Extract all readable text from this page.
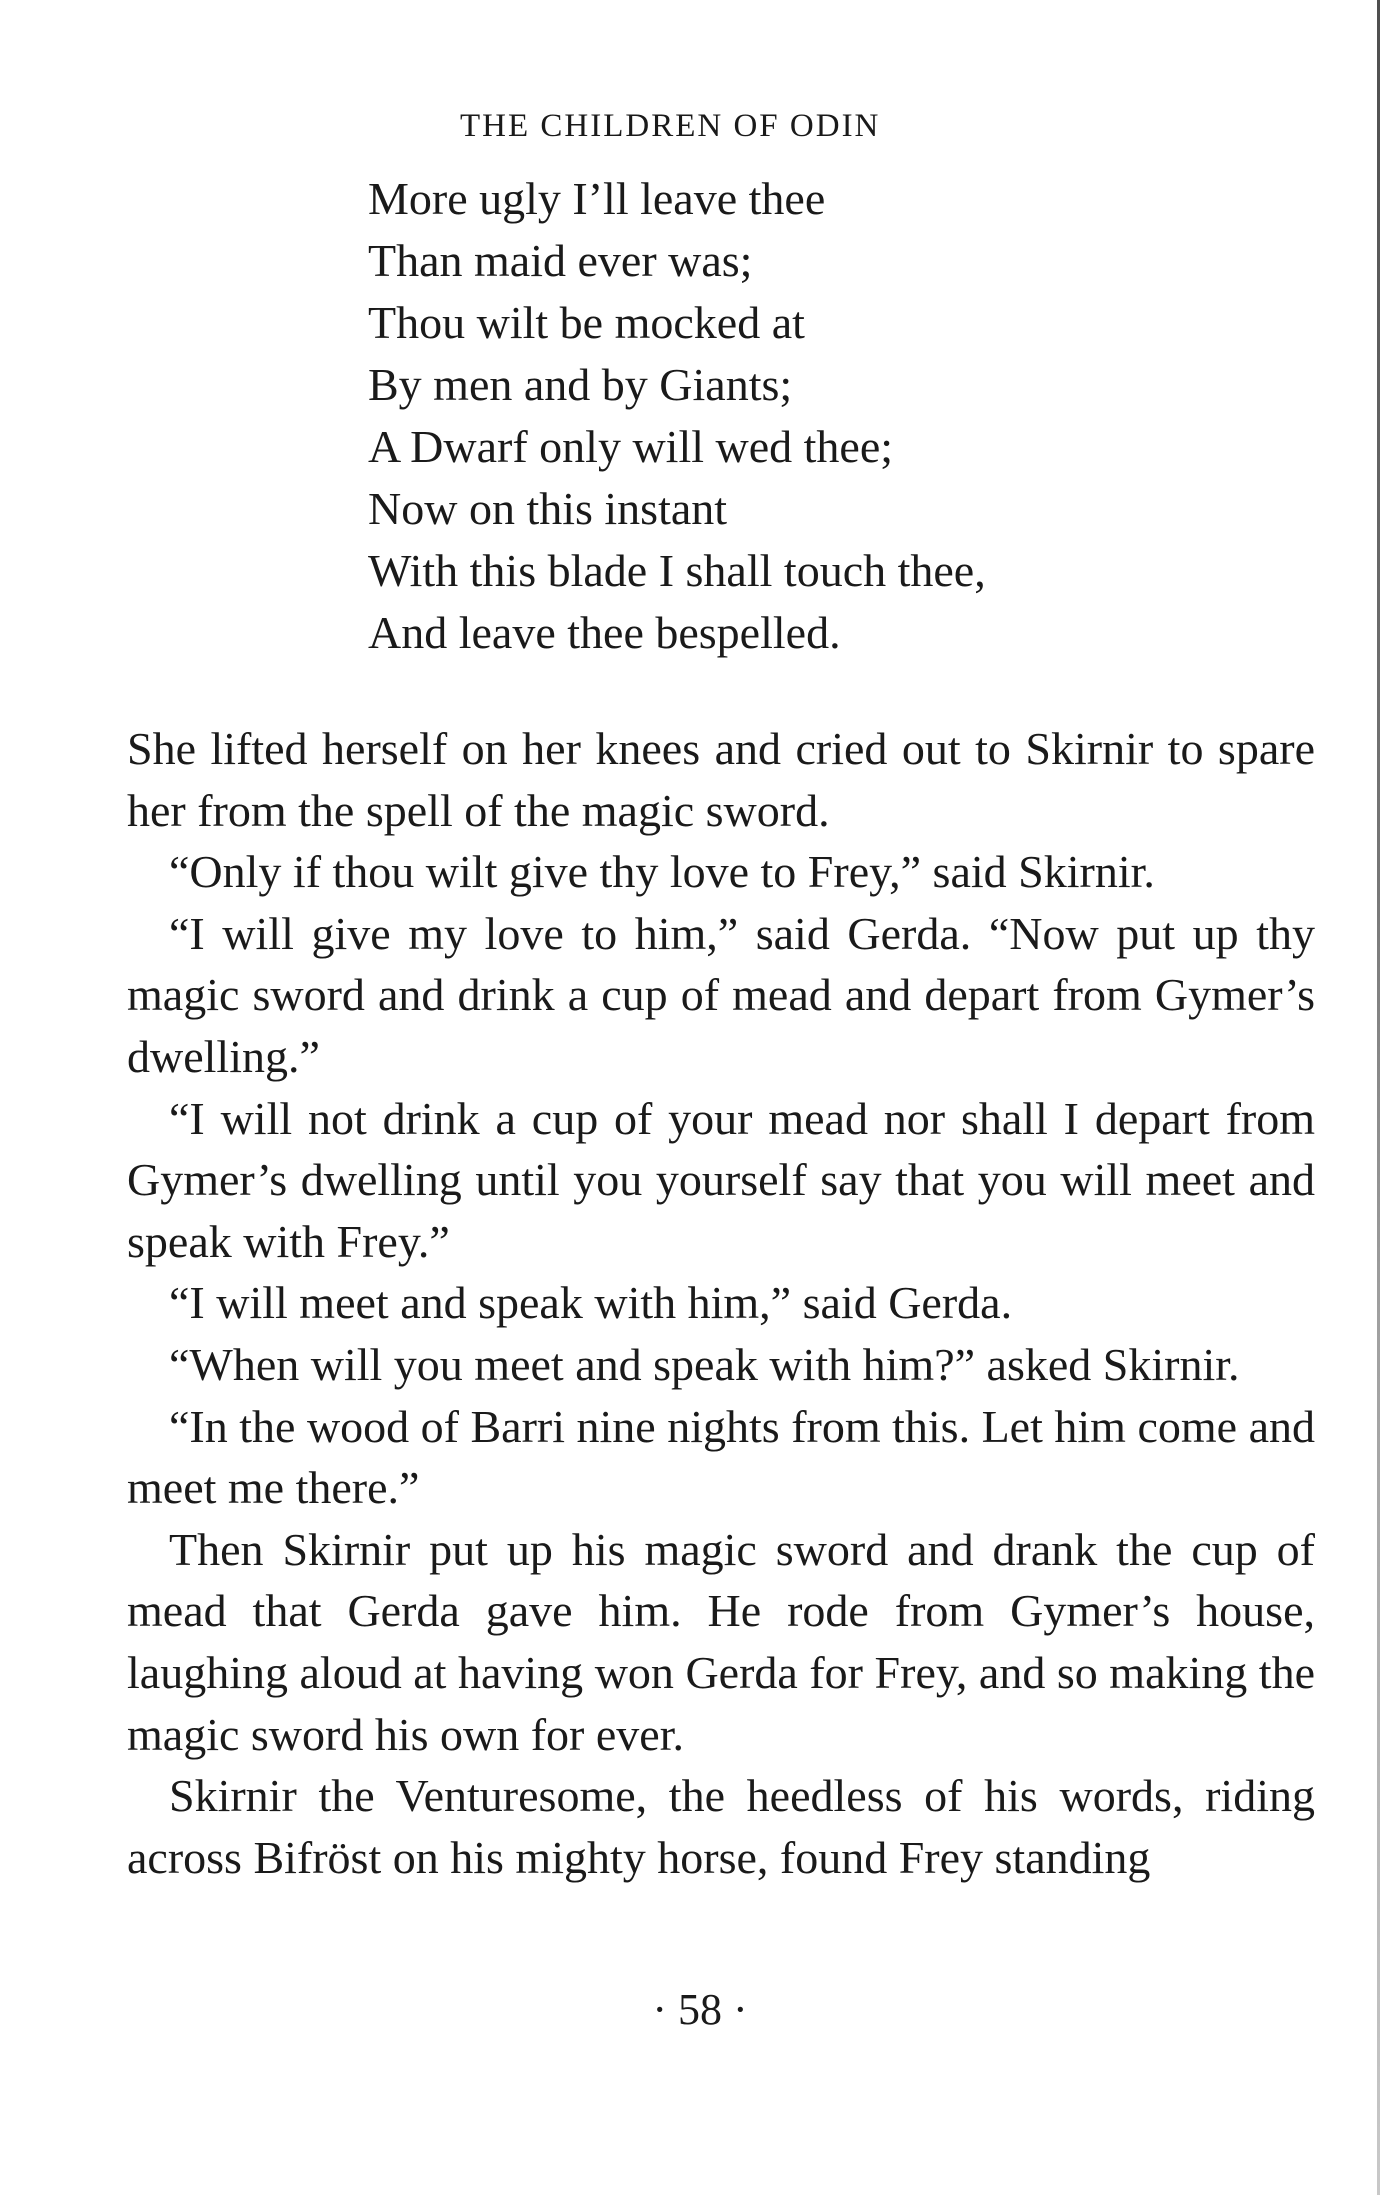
THE CHILDREN OF ODIN
More ugly I’ll leave thee
Than maid ever was;
Thou wilt be mocked at
By men and by Giants;
A Dwarf only will wed thee;
Now on this instant
With this blade I shall touch thee,
And leave thee bespelled.

She lifted herself on her knees and cried out to Skirnir to spare her from the spell of the magic sword.

“Only if thou wilt give thy love to Frey,” said Skirnir.

“I will give my love to him,” said Gerda. “Now put up thy magic sword and drink a cup of mead and depart from Gymer’s dwelling.”

“I will not drink a cup of your mead nor shall I depart from Gymer’s dwelling until you yourself say that you will meet and speak with Frey.”

“I will meet and speak with him,” said Gerda.

“When will you meet and speak with him?” asked Skirnir.

“In the wood of Barri nine nights from this. Let him come and meet me there.”

Then Skirnir put up his magic sword and drank the cup of mead that Gerda gave him. He rode from Gymer’s house, laughing aloud at having won Gerda for Frey, and so making the magic sword his own for ever.

Skirnir the Venturesome, the heedless of his words, riding across Bifröst on his mighty horse, found Frey standing

· 58 ·
